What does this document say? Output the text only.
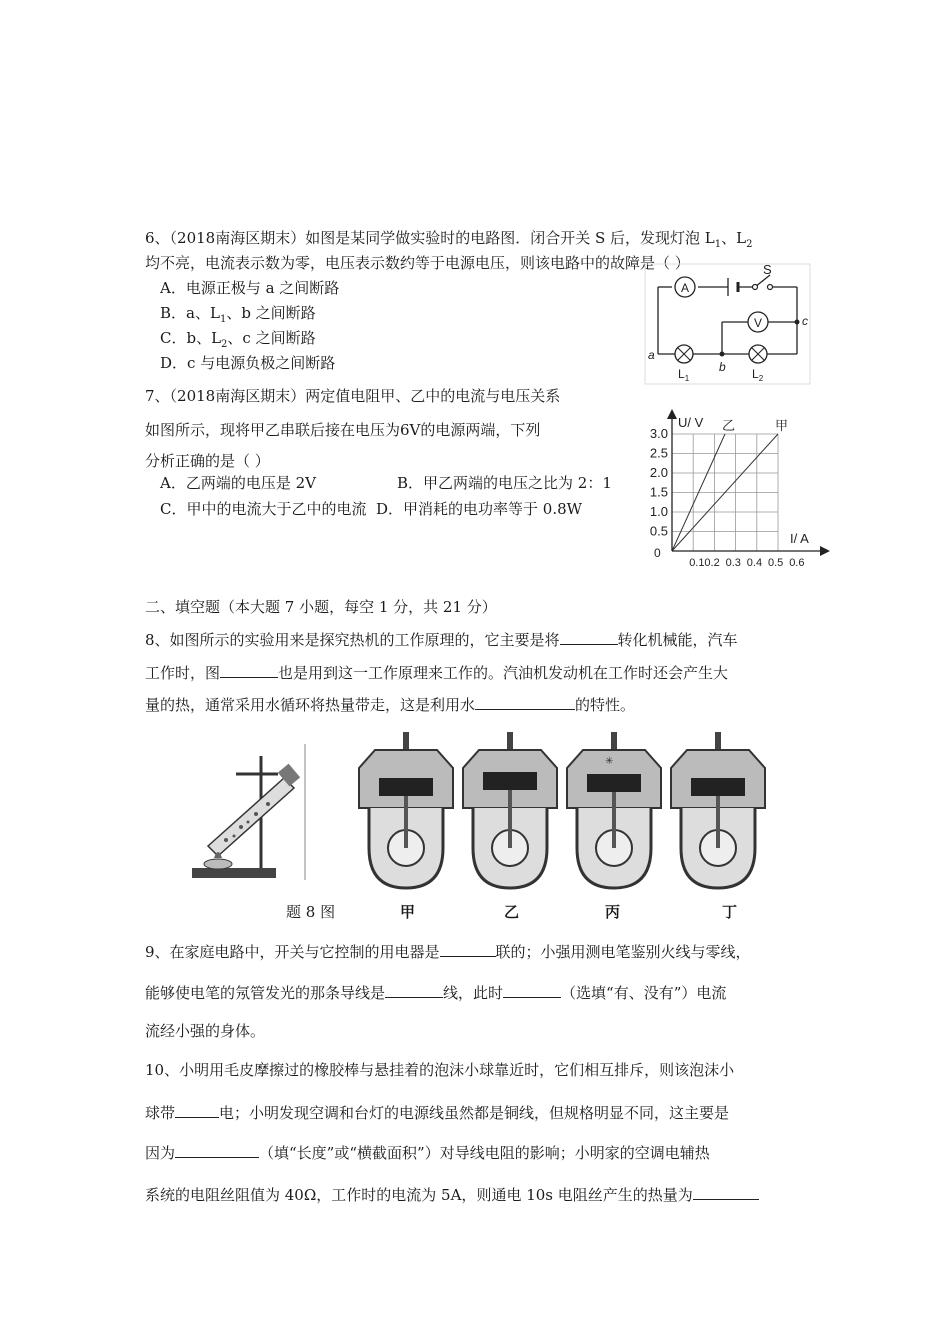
6、（2018南海区期末）如图是某同学做实验时的电路图．闭合开关 S 后，发现灯泡 $L_1$、$L_2$
均不亮，电流表示数为零，电压表示数约等于电源电压，则该电路中的故障是（ ）
A．电源正极与 a 之间断路
B．a、$L_1$、b 之间断路
C．b、$L_2$、c 之间断路
D．c 与电源负极之间断路
A
S
V
a
b
c
$L_1$	$L_2$
7、（2018南海区期末）两定值电阻甲、乙中的电流与电压关系
如图所示，现将甲乙串联后接在电压为6V的电源两端，下列
分析正确的是（ ）
A．乙两端的电压是 2V	B．甲乙两端的电压之比为 2：1
C．甲中的电流大于乙中的电流 D．甲消耗的电功率等于 0.8W
乙	甲
0.1 0.2 0.3 0.4 0.5 0.6
0.5
1.0
1.5
2.0
2.5
3.0
U/ V
I/ A
0
二、填空题（本大题 7 小题，每空 1 分，共 21 分）
8、如图所示的实验用来是探究热机的工作原理的，它主要是将	转化机械能，汽车
工作时，图	也是用到这一工作原理来工作的。汽油机发动机在工作时还会产生大
量的热，通常采用水循环将热量带走，这是利用水	的特性。
✳
题 8 图	甲	乙	丙	丁
9、在家庭电路中，开关与它控制的用电器是	联的；小强用测电笔鉴别火线与零线，
能够使电笔的氖管发光的那条导线是	线，此时	（选填“有、没有”）电流
流经小强的身体。
10、小明用毛皮摩擦过的橡胶棒与悬挂着的泡沫小球靠近时，它们相互排斥，则该泡沫小
球带	电；小明发现空调和台灯的电源线虽然都是铜线，但规格明显不同，这主要是
因为	（填“长度”或“横截面积”）对导线电阻的影响；小明家的空调电辅热
系统的电阻丝阻值为 40Ω，工作时的电流为 5A，则通电 10s 电阻丝产生的热量为
